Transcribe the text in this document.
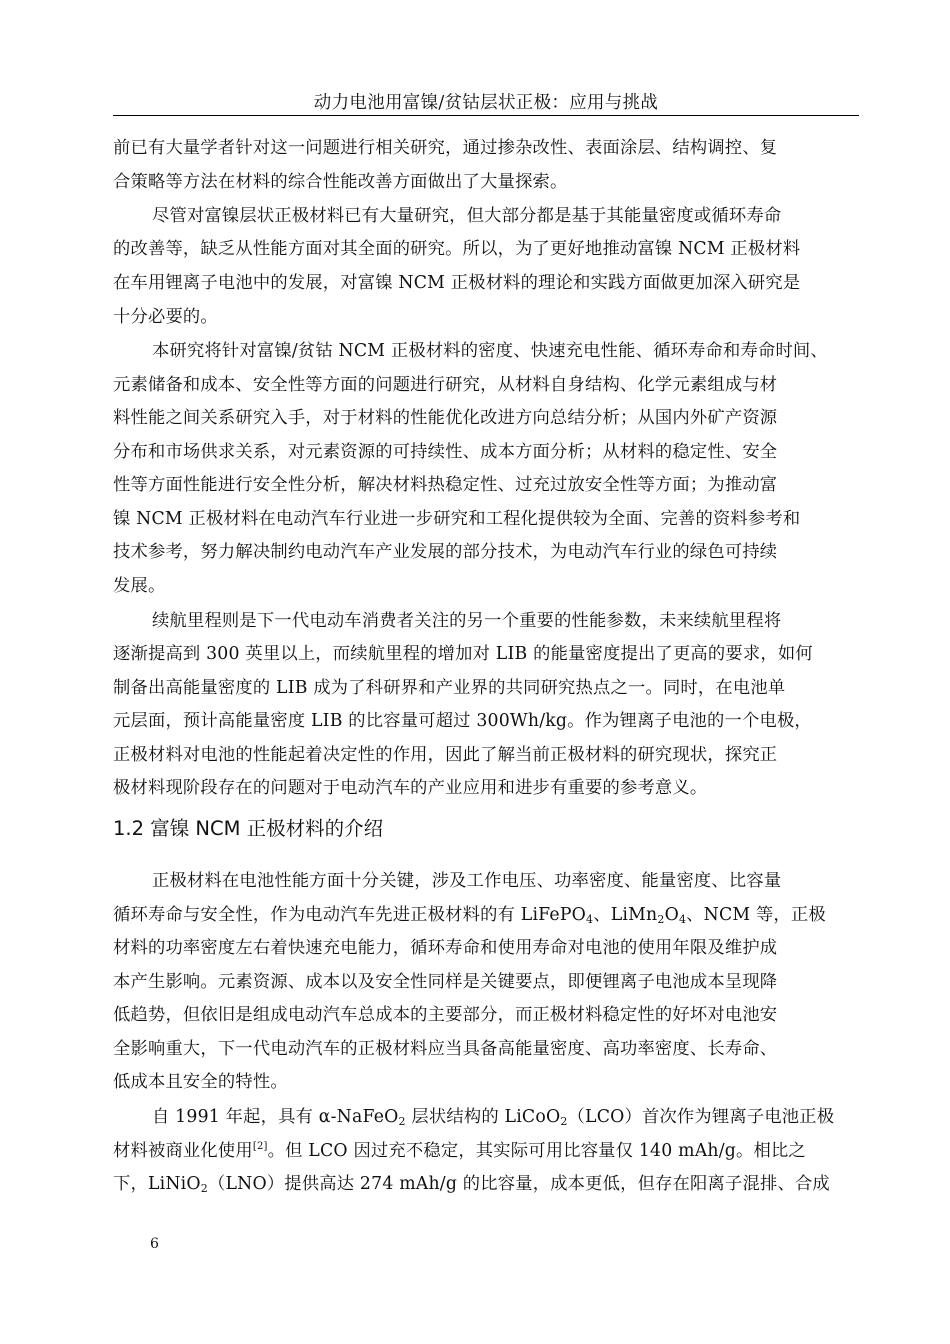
动力电池用富镍/贫钴层状正极：应用与挑战
前已有大量学者针对这一问题进行相关研究，通过掺杂改性、表面涂层、结构调控、复
合策略等方法在材料的综合性能改善方面做出了大量探索。
尽管对富镍层状正极材料已有大量研究，但大部分都是基于其能量密度或循环寿命
的改善等，缺乏从性能方面对其全面的研究。所以，为了更好地推动富镍 NCM 正极材料
在车用锂离子电池中的发展，对富镍 NCM 正极材料的理论和实践方面做更加深入研究是
十分必要的。
本研究将针对富镍/贫钴 NCM 正极材料的密度、快速充电性能、循环寿命和寿命时间、
元素储备和成本、安全性等方面的问题进行研究，从材料自身结构、化学元素组成与材
料性能之间关系研究入手，对于材料的性能优化改进方向总结分析；从国内外矿产资源
分布和市场供求关系，对元素资源的可持续性、成本方面分析；从材料的稳定性、安全
性等方面性能进行安全性分析，解决材料热稳定性、过充过放安全性等方面；为推动富
镍 NCM 正极材料在电动汽车行业进一步研究和工程化提供较为全面、完善的资料参考和
技术参考，努力解决制约电动汽车产业发展的部分技术，为电动汽车行业的绿色可持续
发展。
续航里程则是下一代电动车消费者关注的另一个重要的性能参数，未来续航里程将
逐渐提高到 300 英里以上，而续航里程的增加对 LIB 的能量密度提出了更高的要求，如何
制备出高能量密度的 LIB 成为了科研界和产业界的共同研究热点之一。同时，在电池单
元层面，预计高能量密度 LIB 的比容量可超过 300Wh/kg。作为锂离子电池的一个电极，
正极材料对电池的性能起着决定性的作用，因此了解当前正极材料的研究现状，探究正
极材料现阶段存在的问题对于电动汽车的产业应用和进步有重要的参考意义。
1.2 富镍 NCM 正极材料的介绍
正极材料在电池性能方面十分关键，涉及工作电压、功率密度、能量密度、比容量
循环寿命与安全性，作为电动汽车先进正极材料的有 LiFePO$_4$、$LiMn_2O_4$、NCM 等，正极
材料的功率密度左右着快速充电能力，循环寿命和使用寿命对电池的使用年限及维护成
本产生影响。元素资源、成本以及安全性同样是关键要点，即便锂离子电池成本呈现降
低趋势，但依旧是组成电动汽车总成本的主要部分，而正极材料稳定性的好坏对电池安
全影响重大，下一代电动汽车的正极材料应当具备高能量密度、高功率密度、长寿命、
低成本且安全的特性。
自 1991 年起，具有 α-NaFeO$_2$ 层状结构的 LiCoO$_2$（LCO）首次作为锂离子电池正极
材料被商业化使用[2]。但 LCO 因过充不稳定，其实际可用比容量仅 140 mAh/g。相比之
下，LiNiO$_2$（LNO）提供高达 274 mAh/g 的比容量，成本更低，但存在阳离子混排、合成
6
